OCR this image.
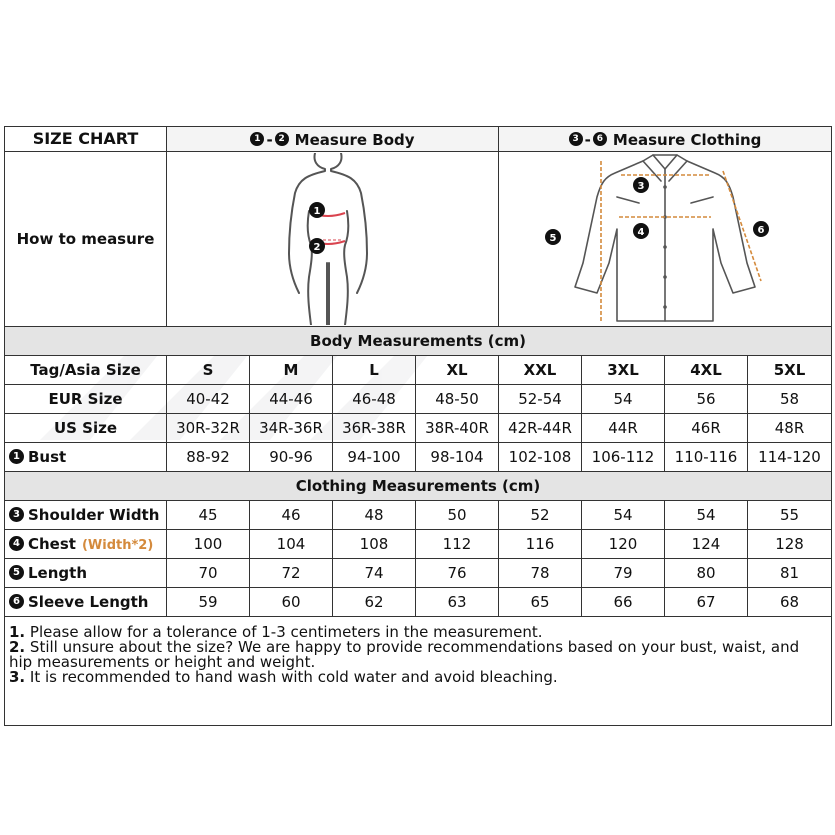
SIZE CHART	1 - 2 Measure Body				3 - 6 Measure Clothing			

How to measure	1
2				3
4
5
6			

Body Measurements (cm)								
Tag/Asia Size	S	M	L	XL	XXL	3XL	4XL	5XL
EUR Size	40-42	44-46	46-48	48-50	52-54	54	56	58
US Size	30R-32R	34R-36R	36R-38R	38R-40R	42R-44R	44R	46R	48R
1 Bust	88-92	90-96	94-100	98-104	102-108	106-112	110-116	114-120
Clothing Measurements (cm)								
3 Shoulder Width	45	46	48	50	52	54	54	55
4 Chest (Width*2)	100	104	108	112	116	120	124	128
5 Length	70	72	74	76	78	79	80	81
6 Sleeve Length	59	60	62	63	65	66	67	68

1. Please allow for a tolerance of 1-3 centimeters in the measurement.

2. Still unsure about the size? We are happy to provide recommendations based on your bust, waist, and hip measurements or height and weight.

3. It is recommended to hand wash with cold water and avoid bleaching.								
